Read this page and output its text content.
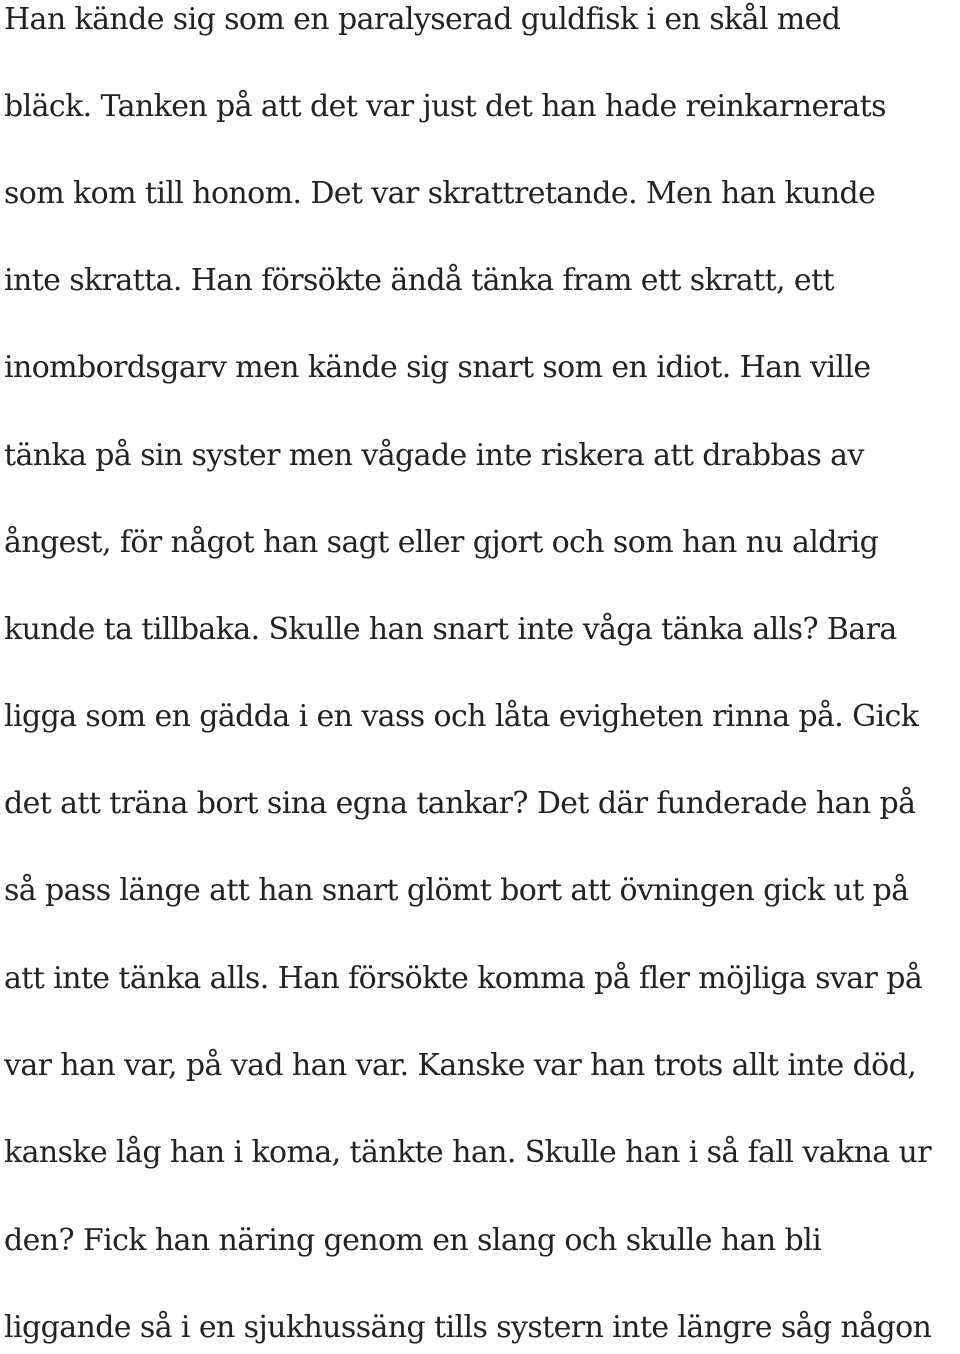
Han kände sig som en paralyserad guldfisk i en skål med
bläck. Tanken på att det var just det han hade reinkarnerats
som kom till honom. Det var skrattretande. Men han kunde
inte skratta. Han försökte ändå tänka fram ett skratt, ett
inombordsgarv men kände sig snart som en idiot. Han ville
tänka på sin syster men vågade inte riskera att drabbas av
ångest, för något han sagt eller gjort och som han nu aldrig
kunde ta tillbaka. Skulle han snart inte våga tänka alls? Bara
ligga som en gädda i en vass och låta evigheten rinna på. Gick
det att träna bort sina egna tankar? Det där funderade han på
så pass länge att han snart glömt bort att övningen gick ut på
att inte tänka alls. Han försökte komma på fler möjliga svar på
var han var, på vad han var. Kanske var han trots allt inte död,
kanske låg han i koma, tänkte han. Skulle han i så fall vakna ur
den? Fick han näring genom en slang och skulle han bli
liggande så i en sjukhussäng tills systern inte längre såg någon
